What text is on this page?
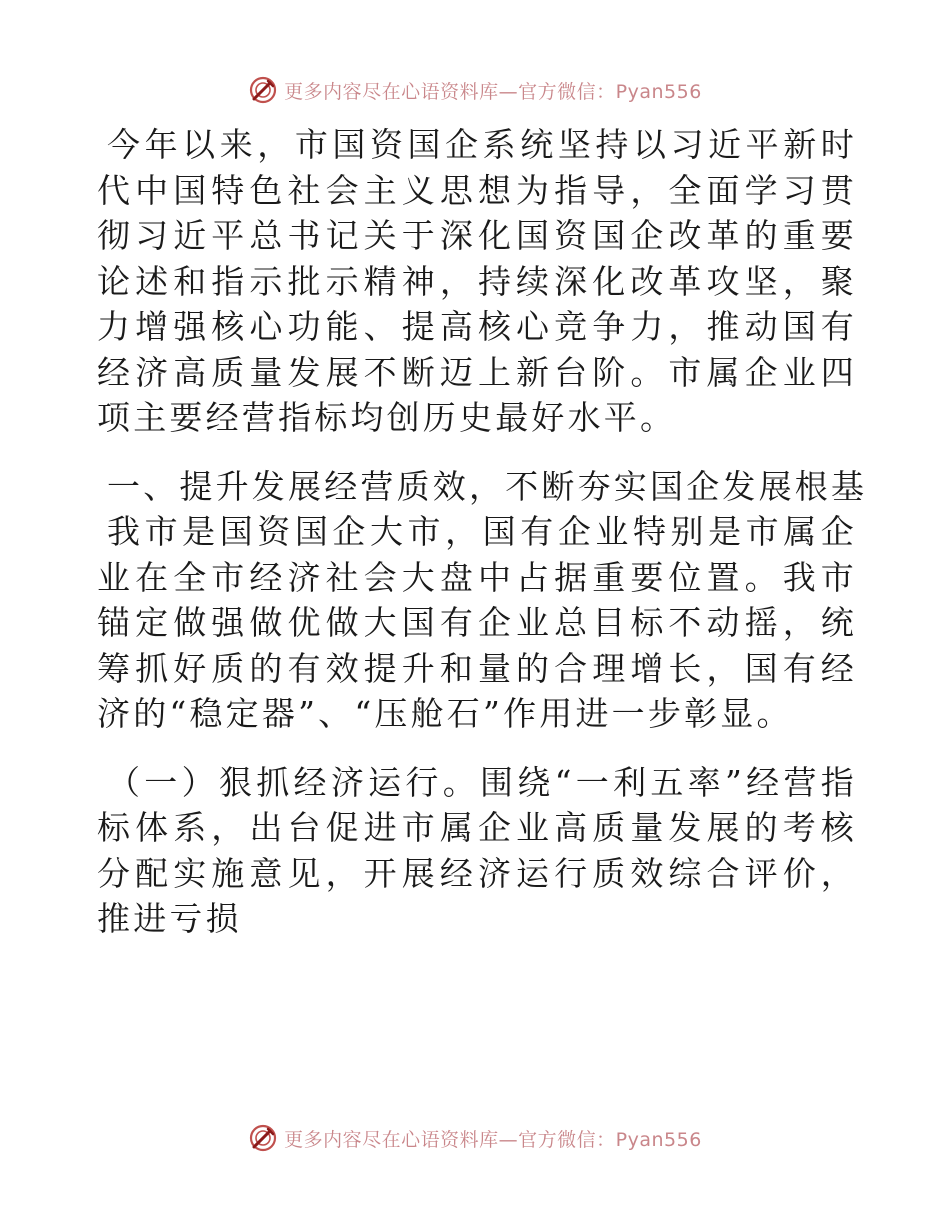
更多内容尽在心语资料库—官方微信：Pyan556

今年以来，市国资国企系统坚持以习近平新时代中国特色社会主义思想为指导，全面学习贯彻习近平总书记关于深化国资国企改革的重要论述和指示批示精神，持续深化改革攻坚，聚力增强核心功能、提高核心竞争力，推动国有经济高质量发展不断迈上新台阶。市属企业四项主要经营指标均创历史最好水平。

一、提升发展经营质效，不断夯实国企发展根基

我市是国资国企大市，国有企业特别是市属企业在全市经济社会大盘中占据重要位置。我市锚定做强做优做大国有企业总目标不动摇，统筹抓好质的有效提升和量的合理增长，国有经济的“稳定器”、“压舱石”作用进一步彰显。

（一）狠抓经济运行。围绕“一利五率”经营指标体系，出台促进市属企业高质量发展的考核分配实施意见，开展经济运行质效综合评价，推进亏损

更多内容尽在心语资料库—官方微信：Pyan556
